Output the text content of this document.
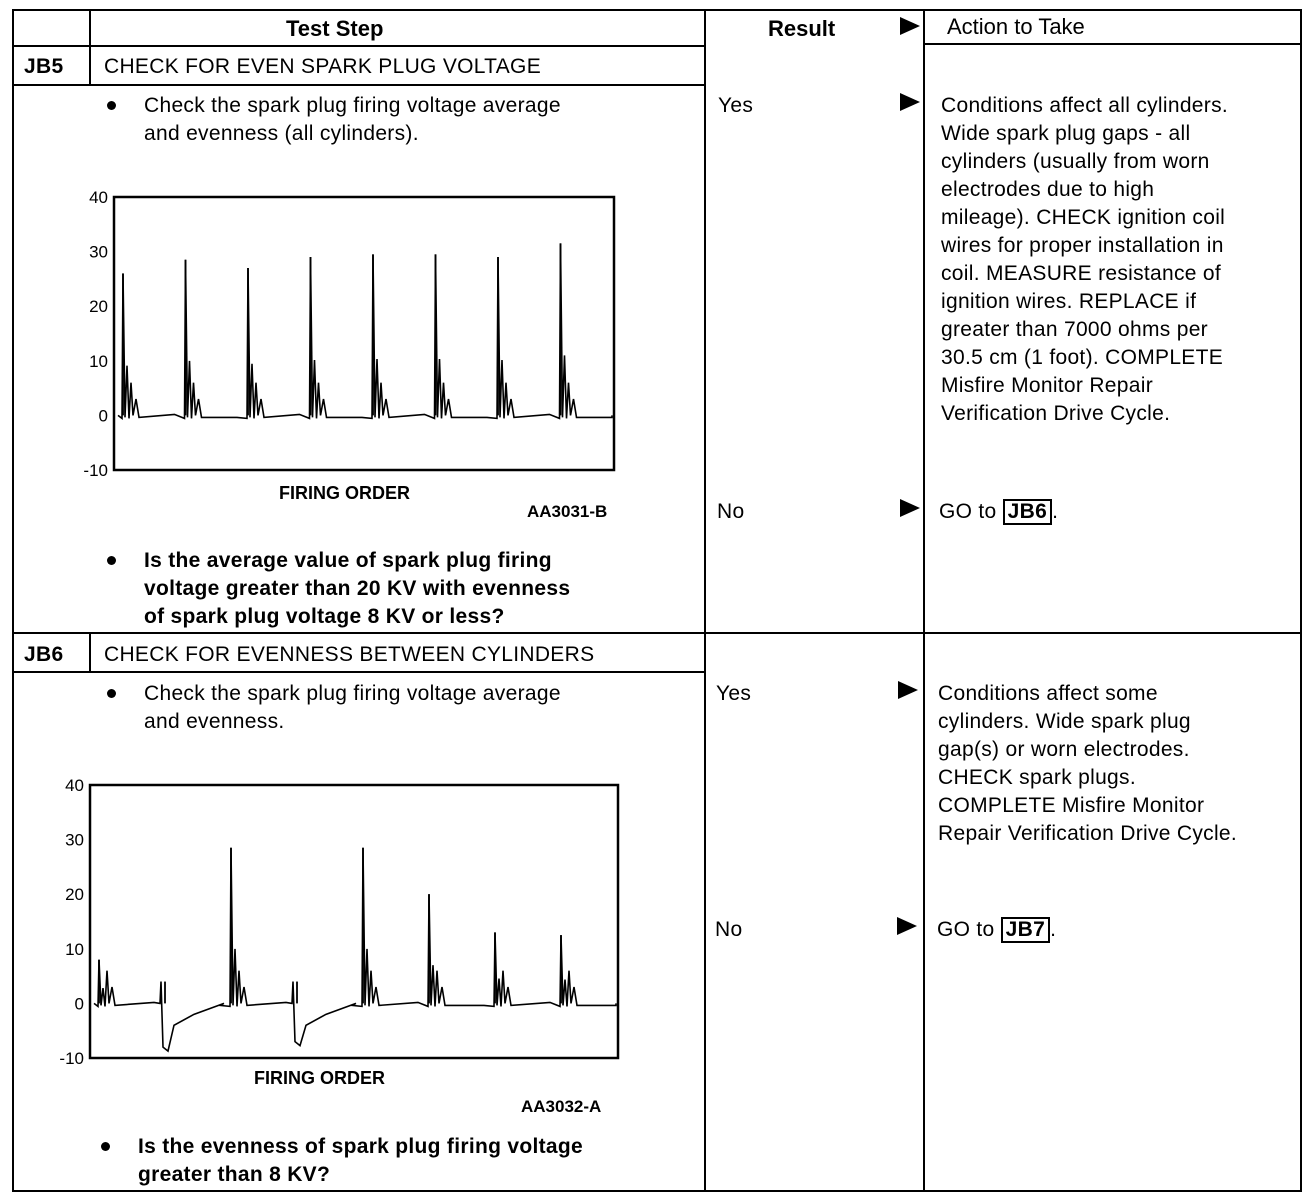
Test Step	Result	Action to Take
JB5 CHECK FOR EVEN SPARK PLUG VOLTAGE
Check the spark plug firing voltage average
and evenness (all cylinders).
40
30
20
10
0
-10
FIRING ORDER
AA3031-B
Is the average value of spark plug firing
voltage greater than 20 KV with evenness
of spark plug voltage 8 KV or less?
Yes	Conditions affect all cylinders.
Wide spark plug gaps - all
cylinders (usually from worn
electrodes due to high
mileage). CHECK ignition coil
wires for proper installation in
coil. MEASURE resistance of
ignition wires. REPLACE if
greater than 7000 ohms per
30.5 cm (1 foot). COMPLETE
Misfire Monitor Repair
Verification Drive Cycle.
No	GO to JB6 .
JB6 CHECK FOR EVENNESS BETWEEN CYLINDERS
Check the spark plug firing voltage average
and evenness.
40
30
20
10
0
-10
FIRING ORDER
AA3032-A
Is the evenness of spark plug firing voltage
greater than 8 KV?
Yes	Conditions affect some
cylinders. Wide spark plug
gap(s) or worn electrodes.
CHECK spark plugs.
COMPLETE Misfire Monitor
Repair Verification Drive Cycle.
No	GO to JB7 .
